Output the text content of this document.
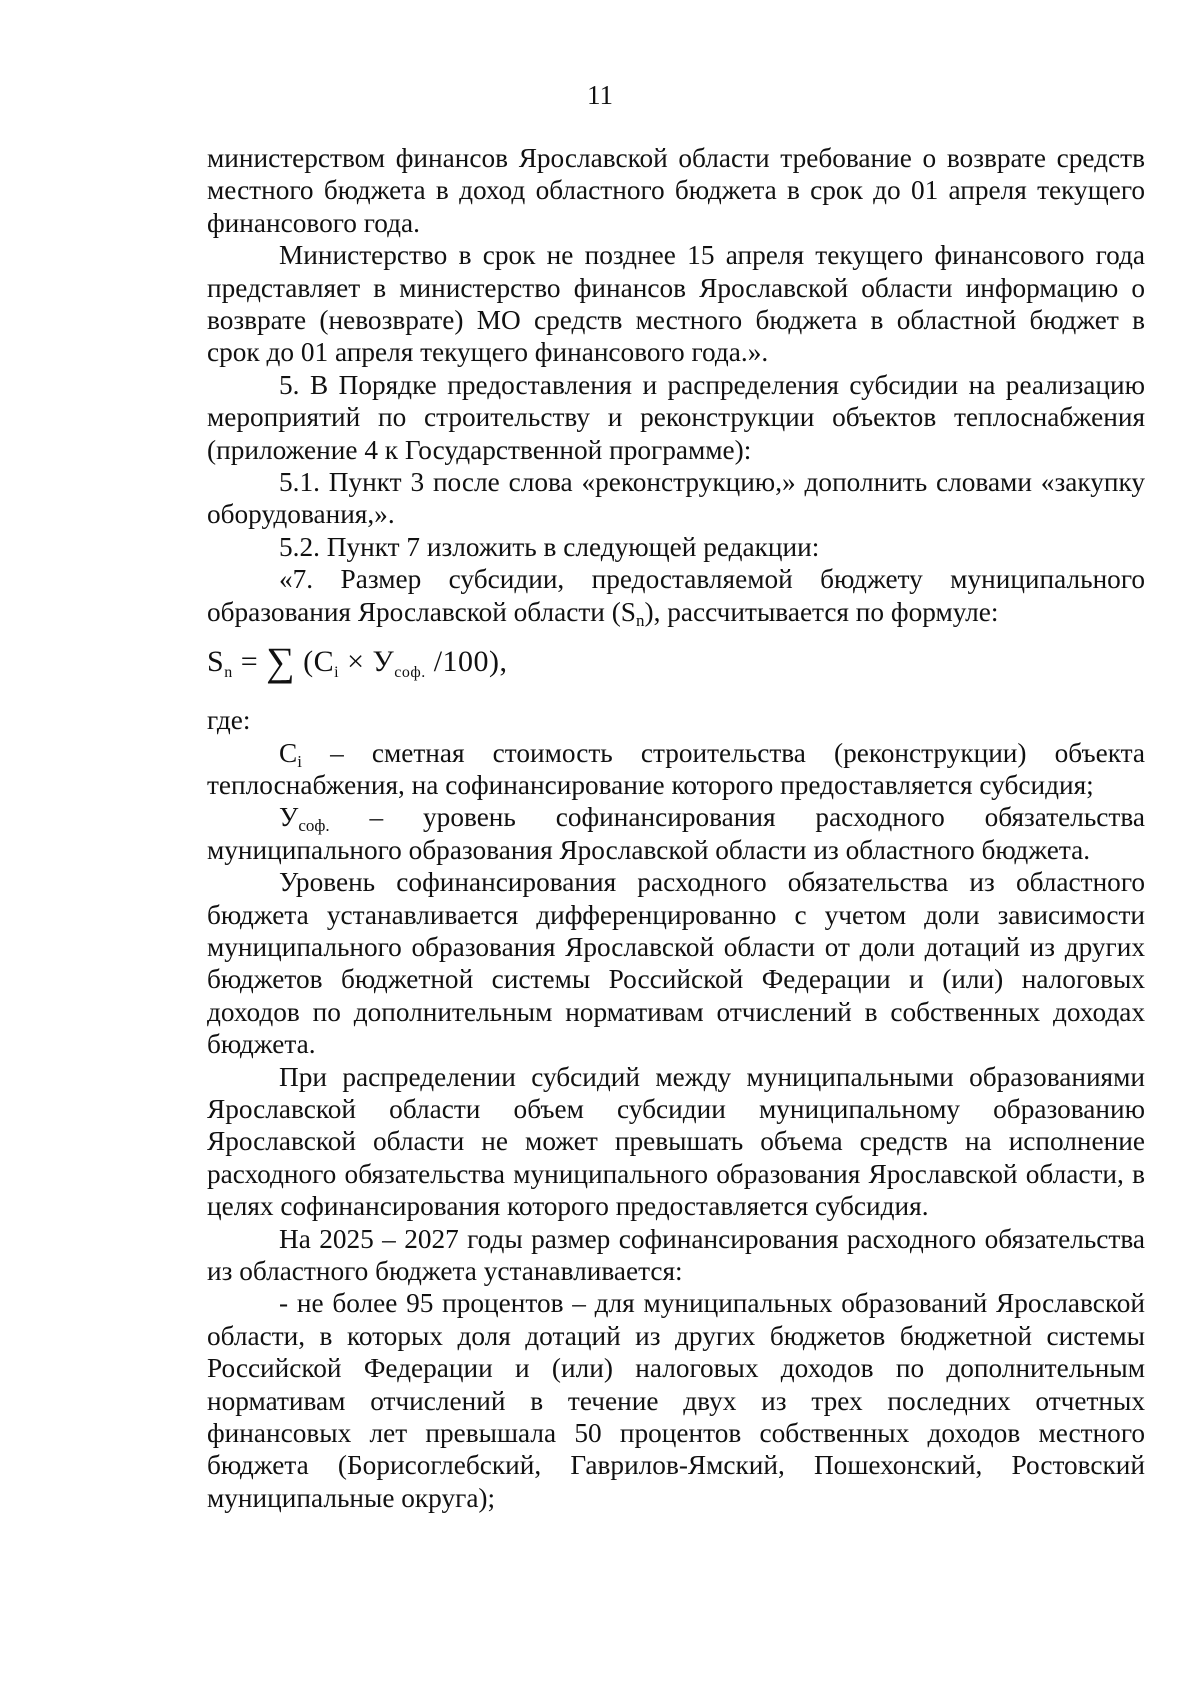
11

министерством финансов Ярославской области требование о возврате средств местного бюджета в доход областного бюджета в срок до 01 апреля текущего финансового года.

Министерство в срок не позднее 15 апреля текущего финансового года представляет в министерство финансов Ярославской области информацию о возврате (невозврате) МО средств местного бюджета в областной бюджет в срок до 01 апреля текущего финансового года.».

5. В Порядке предоставления и распределения субсидии на реализацию мероприятий по строительству и реконструкции объектов теплоснабжения (приложение 4 к Государственной программе):

5.1. Пункт 3 после слова «реконструкцию,» дополнить словами «закупку оборудования,».

5.2. Пункт 7 изложить в следующей редакции:

«7. Размер субсидии, предоставляемой бюджету муниципального образования Ярославской области $(S_n)$, рассчитывается по формуле:

$S_n$ = ∑ ($C_i \times У_{соф.}$ /100),

где:

$C_i$ – сметная стоимость строительства (реконструкции) объекта теплоснабжения, на софинансирование которого предоставляется субсидия;

$У_{соф.}$ – уровень софинансирования расходного обязательства муниципального образования Ярославской области из областного бюджета.

Уровень софинансирования расходного обязательства из областного бюджета устанавливается дифференцированно с учетом доли зависимости муниципального образования Ярославской области от доли дотаций из других бюджетов бюджетной системы Российской Федерации и (или) налоговых доходов по дополнительным нормативам отчислений в собственных доходах бюджета.

При распределении субсидий между муниципальными образованиями Ярославской области объем субсидии муниципальному образованию Ярославской области не может превышать объема средств на исполнение расходного обязательства муниципального образования Ярославской области, в целях софинансирования которого предоставляется субсидия.

На 2025 – 2027 годы размер софинансирования расходного обязательства из областного бюджета устанавливается:

- не более 95 процентов – для муниципальных образований Ярославской области, в которых доля дотаций из других бюджетов бюджетной системы Российской Федерации и (или) налоговых доходов по дополнительным нормативам отчислений в течение двух из трех последних отчетных финансовых лет превышала 50 процентов собственных доходов местного бюджета (Борисоглебский, Гаврилов-Ямский, Пошехонский, Ростовский муниципальные округа);
